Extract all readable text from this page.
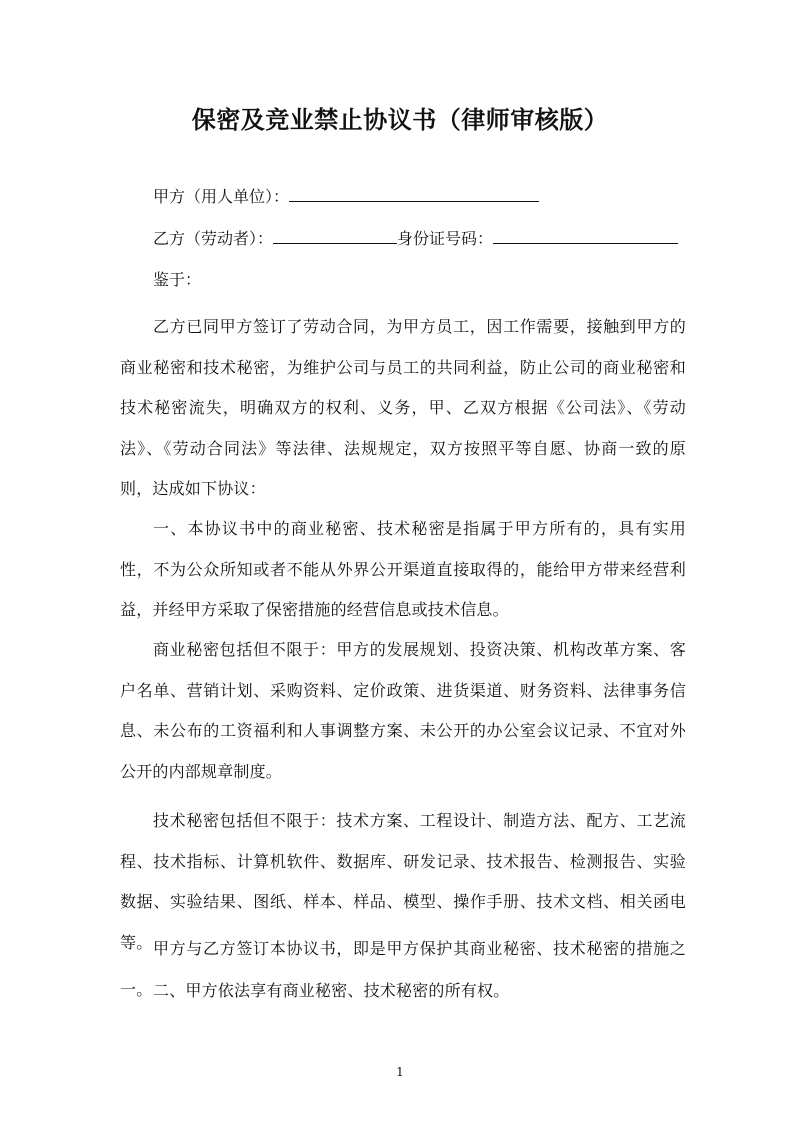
保密及竞业禁止协议书（律师审核版）
甲方（用人单位）：
乙方（劳动者）：	身份证号码：
鉴于：
乙方已同甲方签订了劳动合同，为甲方员工，因工作需要，接触到甲方的商业秘密和技术秘密，为维护公司与员工的共同利益，防止公司的商业秘密和技术秘密流失，明确双方的权利、义务，甲、乙双方根据《公司法》、《劳动法》、《劳动合同法》等法律、法规规定，双方按照平等自愿、协商一致的原则，达成如下协议：
一、本协议书中的商业秘密、技术秘密是指属于甲方所有的，具有实用性，不为公众所知或者不能从外界公开渠道直接取得的，能给甲方带来经营利益，并经甲方采取了保密措施的经营信息或技术信息。
商业秘密包括但不限于：甲方的发展规划、投资决策、机构改革方案、客户名单、营销计划、采购资料、定价政策、进货渠道、财务资料、法律事务信息、未公布的工资福利和人事调整方案、未公开的办公室会议记录、不宜对外公开的内部规章制度。
技术秘密包括但不限于：技术方案、工程设计、制造方法、配方、工艺流程、技术指标、计算机软件、数据库、研发记录、技术报告、检测报告、实验数据、实验结果、图纸、样本、样品、模型、操作手册、技术文档、相关函电等。 甲方与乙方签订本协议书，即是甲方保护其商业秘密、技术秘密的措施之一。 二、甲方依法享有商业秘密、技术秘密的所有权。
1
